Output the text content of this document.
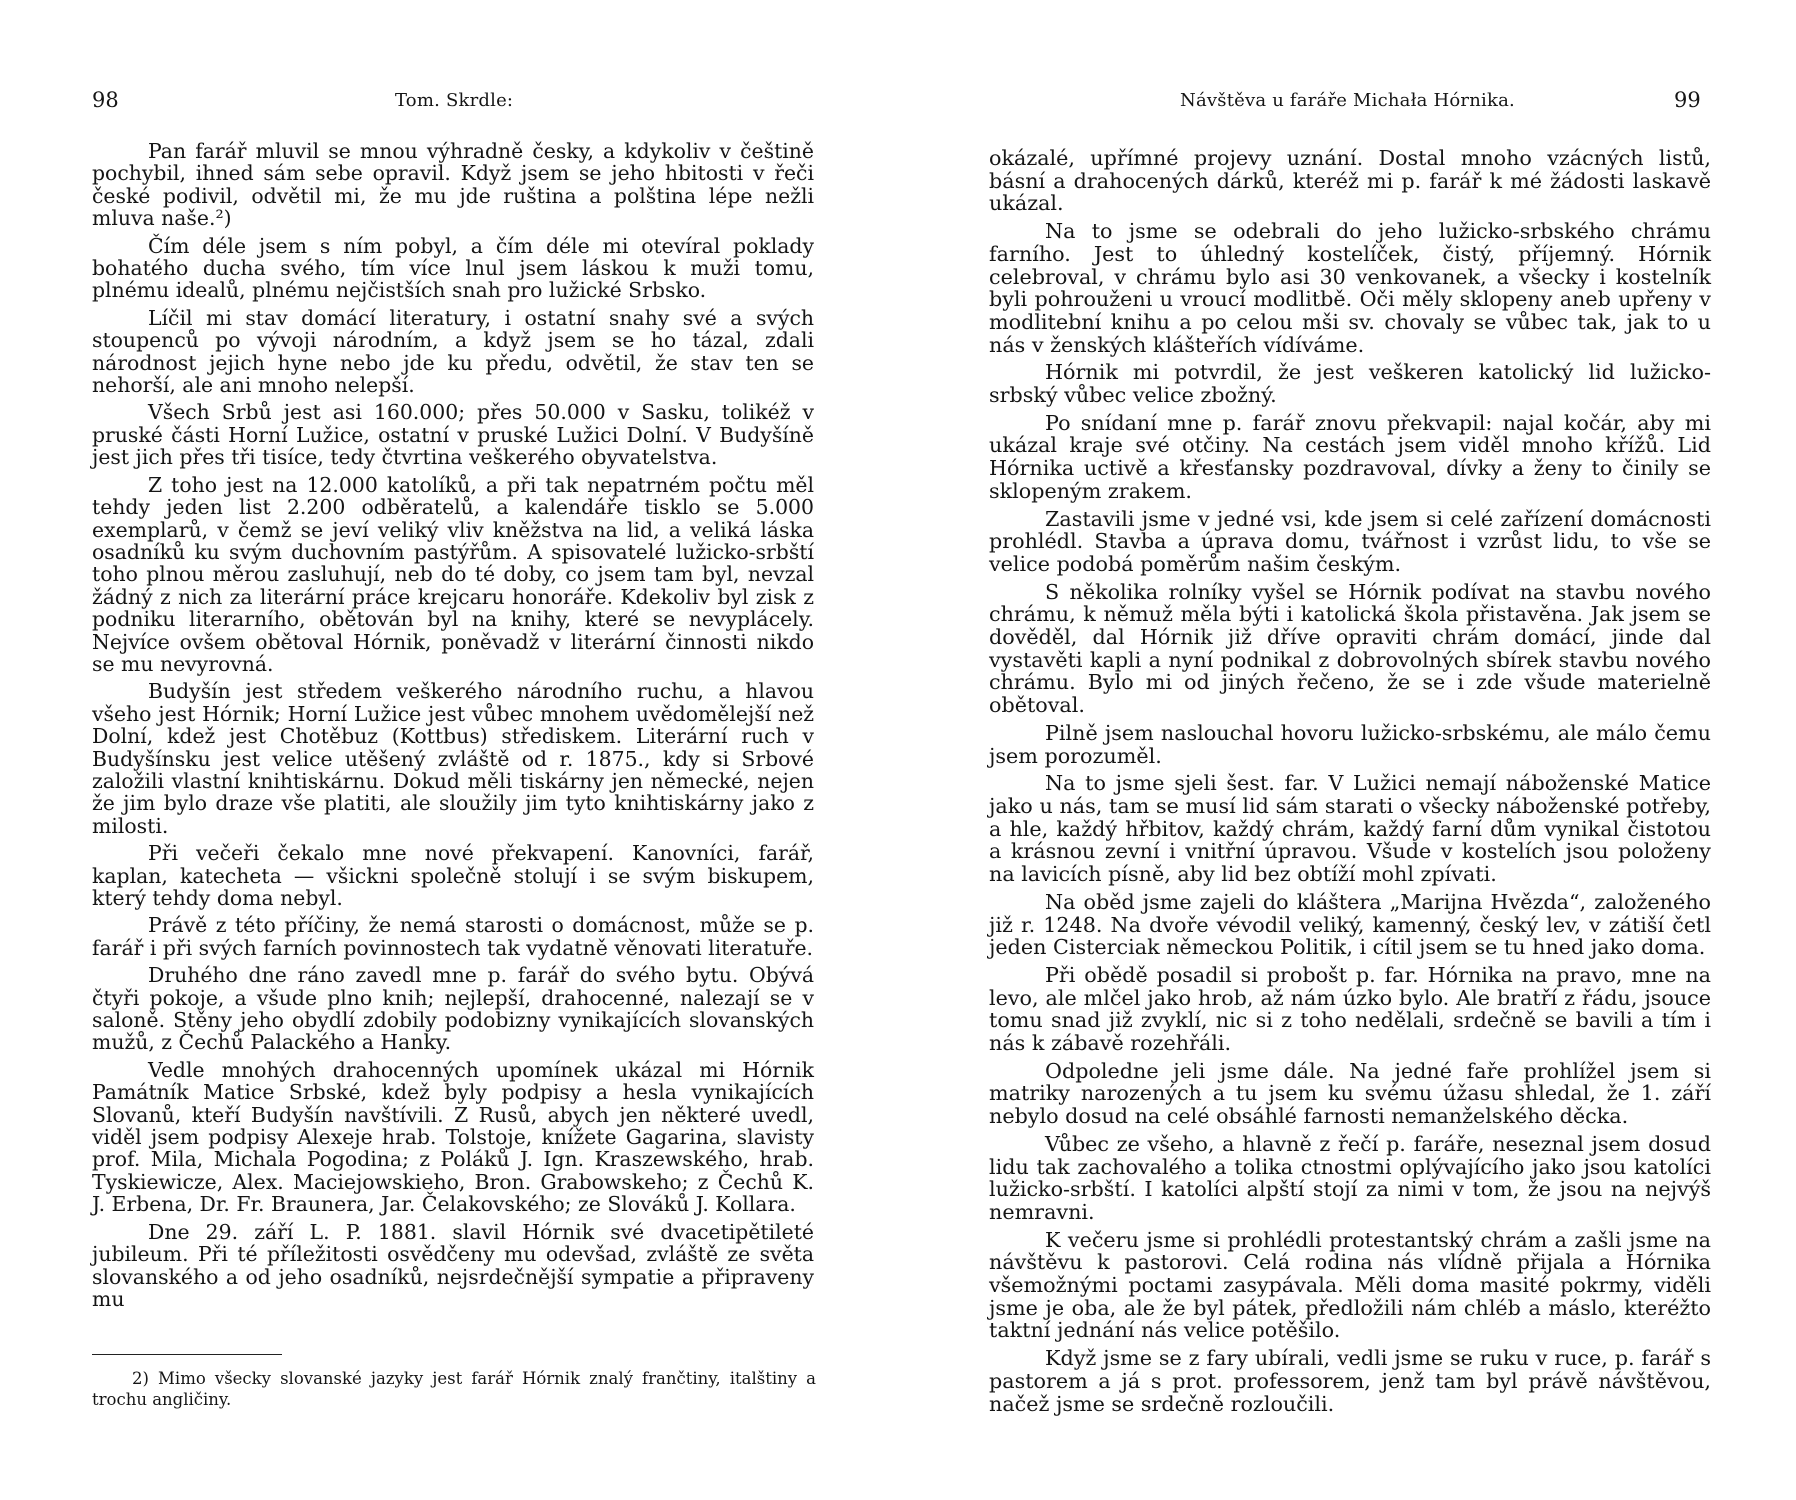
98	Tom. Skrdle:

Pan farář mluvil se mnou výhradně česky, a kdykoliv v češtině pochybil, ihned sám sebe opravil. Když jsem se jeho hbitosti v řeči české podivil, odvětil mi, že mu jde ruština a polština lépe nežli mluva naše.²)

Čím déle jsem s ním pobyl, a čím déle mi otevíral poklady bohatého ducha svého, tím více lnul jsem láskou k muži tomu, plnému idealů, plnému nejčistších snah pro lužické Srbsko.

Líčil mi stav domácí literatury, i ostatní snahy své a svých stoupenců po vývoji národním, a když jsem se ho tázal, zdali národnost jejich hyne nebo jde ku předu, odvětil, že stav ten se nehorší, ale ani mnoho nelepší.

Všech Srbů jest asi 160.000; přes 50.000 v Sasku, tolikéž v pruské části Horní Lužice, ostatní v pruské Lužici Dolní. V Budyšíně jest jich přes tři tisíce, tedy čtvrtina veškerého obyvatelstva.

Z toho jest na 12.000 katolíků, a při tak nepatrném počtu měl tehdy jeden list 2.200 odběratelů, a kalendáře tisklo se 5.000 exemplarů, v čemž se jeví veliký vliv kněžstva na lid, a veliká láska osadníků ku svým duchovním pastýřům. A spisovatelé lužicko-srbští toho plnou měrou zasluhují, neb do té doby, co jsem tam byl, nevzal žádný z nich za literární práce krejcaru honoráře. Kdekoliv byl zisk z podniku literarního, obětován byl na knihy, které se nevyplácely. Nejvíce ovšem obětoval Hórnik, poněvadž v literární činnosti nikdo se mu nevyrovná.

Budyšín jest středem veškerého národního ruchu, a hlavou všeho jest Hórnik; Horní Lužice jest vůbec mnohem uvědomělejší než Dolní, kdež jest Chotěbuz (Kottbus) střediskem. Literární ruch v Budyšínsku jest velice utěšený zvláště od r. 1875., kdy si Srbové založili vlastní knihtiskárnu. Dokud měli tiskárny jen německé, nejen že jim bylo draze vše platiti, ale sloužily jim tyto knihtiskárny jako z milosti.

Při večeři čekalo mne nové překvapení. Kanovníci, farář, kaplan, katecheta — všickni společně stolují i se svým biskupem, který tehdy doma nebyl.

Právě z této příčiny, že nemá starosti o domácnost, může se p. farář i při svých farních povinnostech tak vydatně věnovati literatuře.

Druhého dne ráno zavedl mne p. farář do svého bytu. Obývá čtyři pokoje, a všude plno knih; nejlepší, drahocenné, nalezají se v saloně. Stěny jeho obydlí zdobily podobizny vynikajících slovanských mužů, z Čechů Palackého a Hanky.

Vedle mnohých drahocenných upomínek ukázal mi Hórnik Památník Matice Srbské, kdež byly podpisy a hesla vynikajících Slovanů, kteří Budyšín navštívili. Z Rusů, abych jen některé uvedl, viděl jsem podpisy Alexeje hrab. Tolstoje, knížete Gagarina, slavisty prof. Mila, Michala Pogodina; z Poláků J. Ign. Kraszewského, hrab. Tyskiewicze, Alex. Maciejowskieho, Bron. Grabowskeho; z Čechů K. J. Erbena, Dr. Fr. Braunera, Jar. Čelakovského; ze Slováků J. Kollara.

Dne 29. září L. P. 1881. slavil Hórnik své dvacetipětileté jubileum. Při té příležitosti osvědčeny mu odevšad, zvláště ze světa slovanského a od jeho osadníků, nejsrdečnější sympatie a připraveny mu

2) Mimo všecky slovanské jazyky jest farář Hórnik znalý frančtiny, italštiny a trochu angličiny.

Návštěva u faráře Michała Hórnika.	99

okázalé, upřímné projevy uznání. Dostal mnoho vzácných listů, básní a drahocených dárků, kteréž mi p. farář k mé žádosti laskavě ukázal.

Na to jsme se odebrali do jeho lužicko-srbského chrámu farního. Jest to úhledný kostelíček, čistý, příjemný. Hórnik celebroval, v chrámu bylo asi 30 venkovanek, a všecky i kostelník byli pohrouženi u vroucí modlitbě. Oči měly sklopeny aneb upřeny v modlitební knihu a po celou mši sv. chovaly se vůbec tak, jak to u nás v ženských klášteřích vídíváme.

Hórnik mi potvrdil, že jest veškeren katolický lid lužicko-srbský vůbec velice zbožný.

Po snídaní mne p. farář znovu překvapil: najal kočár, aby mi ukázal kraje své otčiny. Na cestách jsem viděl mnoho křížů. Lid Hórnika uctivě a křesťansky pozdravoval, dívky a ženy to činily se sklopeným zrakem.

Zastavili jsme v jedné vsi, kde jsem si celé zařízení domácnosti prohlédl. Stavba a úprava domu, tvářnost i vzrůst lidu, to vše se velice podobá poměrům našim českým.

S několika rolníky vyšel se Hórnik podívat na stavbu nového chrámu, k němuž měla býti i katolická škola přistavěna. Jak jsem se dověděl, dal Hórnik již dříve opraviti chrám domácí, jinde dal vystavěti kapli a nyní podnikal z dobrovolných sbírek stavbu nového chrámu. Bylo mi od jiných řečeno, že se i zde všude materielně obětoval.

Pilně jsem naslouchal hovoru lužicko-srbskému, ale málo čemu jsem porozuměl.

Na to jsme sjeli šest. far. V Lužici nemají náboženské Matice jako u nás, tam se musí lid sám starati o všecky náboženské potřeby, a hle, každý hřbitov, každý chrám, každý farní dům vynikal čistotou a krásnou zevní i vnitřní úpravou. Všude v kostelích jsou položeny na lavicích písně, aby lid bez obtíží mohl zpívati.

Na oběd jsme zajeli do kláštera „Marijna Hvězda“, založeného již r. 1248. Na dvoře vévodil veliký, kamenný, český lev, v zátiší četl jeden Cisterciak německou Politik, i cítil jsem se tu hned jako doma.

Při obědě posadil si probošt p. far. Hórnika na pravo, mne na levo, ale mlčel jako hrob, až nám úzko bylo. Ale bratří z řádu, jsouce tomu snad již zvyklí, nic si z toho nedělali, srdečně se bavili a tím i nás k zábavě rozehřáli.

Odpoledne jeli jsme dále. Na jedné faře prohlížel jsem si matriky narozených a tu jsem ku svému úžasu shledal, že 1. září nebylo dosud na celé obsáhlé farnosti nemanželského děcka.

Vůbec ze všeho, a hlavně z řečí p. faráře, neseznal jsem dosud lidu tak zachovalého a tolika ctnostmi oplývajícího jako jsou katolíci lužicko-srbští. I katolíci alpští stojí za nimi v tom, že jsou na nejvýš nemravni.

K večeru jsme si prohlédli protestantský chrám a zašli jsme na návštěvu k pastorovi. Celá rodina nás vlídně přijala a Hórnika všemožnými poctami zasypávala. Měli doma masité pokrmy, viděli jsme je oba, ale že byl pátek, předložili nám chléb a máslo, kteréžto taktní jednání nás velice potěšilo.

Když jsme se z fary ubírali, vedli jsme se ruku v ruce, p. farář s pastorem a já s prot. professorem, jenž tam byl právě návštěvou, načež jsme se srdečně rozloučili.
